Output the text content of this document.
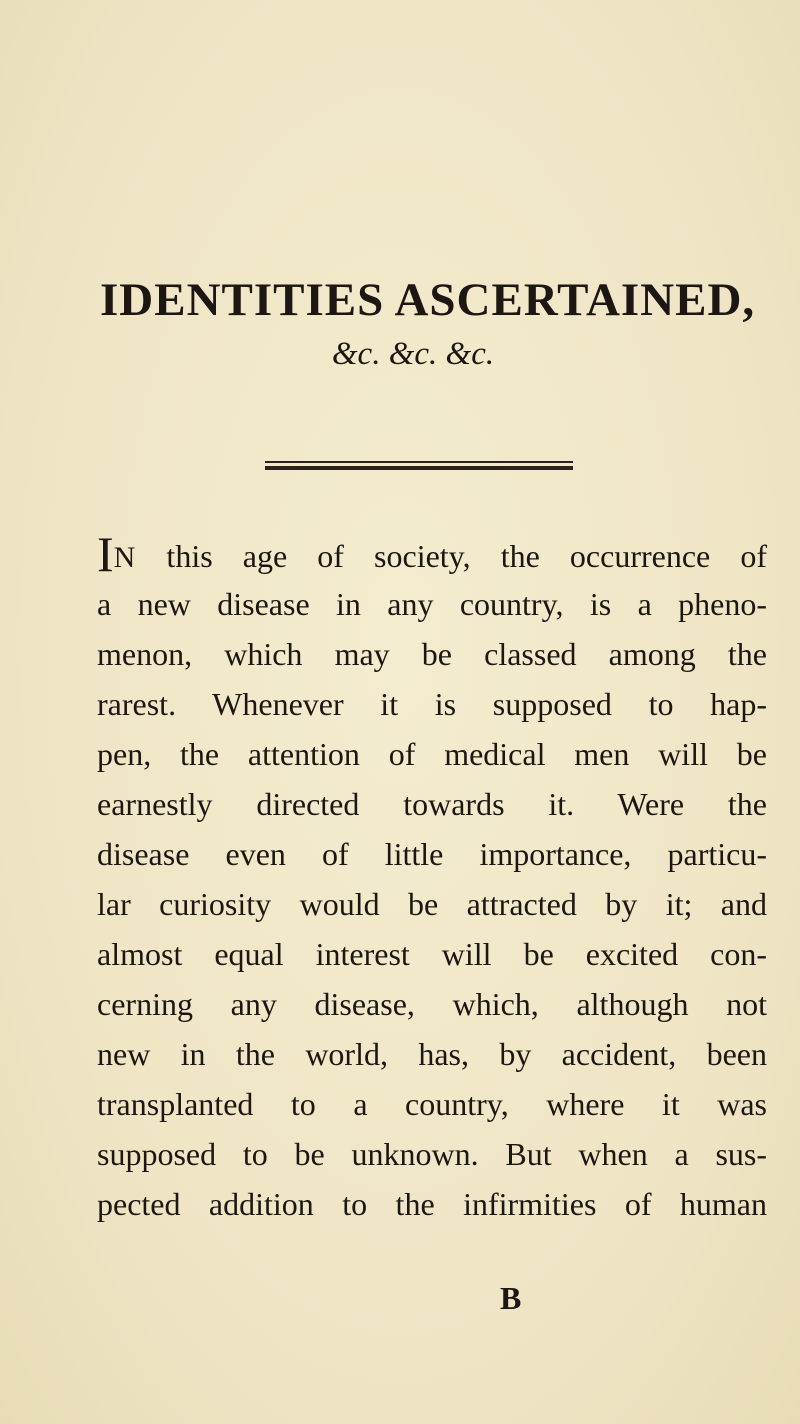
IDENTITIES ASCERTAINED,
&c. &c. &c.
IN this age of society, the occurrence of
a new disease in any country, is a pheno-
menon, which may be classed among the
rarest. Whenever it is supposed to hap-
pen, the attention of medical men will be
earnestly directed towards it. Were the
disease even of little importance, particu-
lar curiosity would be attracted by it; and
almost equal interest will be excited con-
cerning any disease, which, although not
new in the world, has, by accident, been
transplanted to a country, where it was
supposed to be unknown. But when a sus-
pected addition to the infirmities of human
B
